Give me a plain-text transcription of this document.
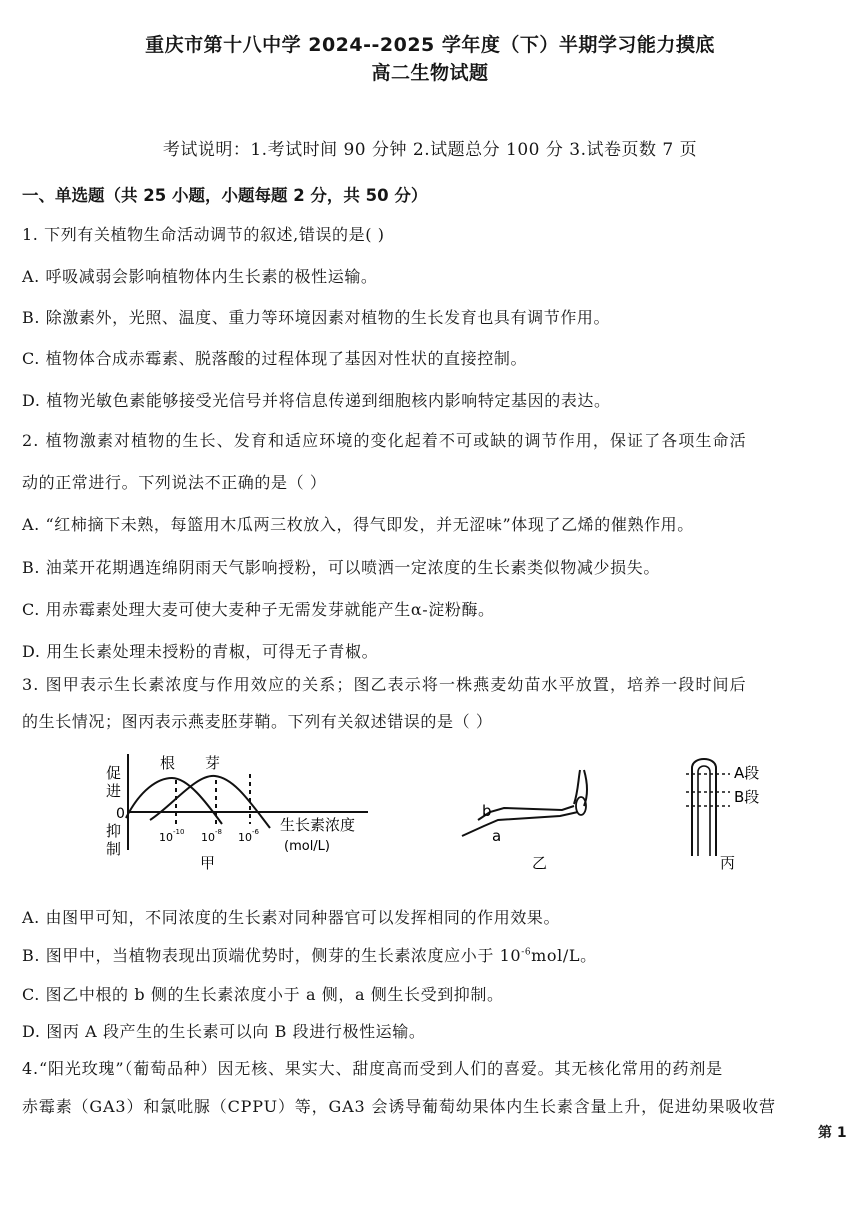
重庆市第十八中学 2024--2025 学年度（下）半期学习能力摸底
高二生物试题
考试说明：1.考试时间 90 分钟 2.试题总分 100 分 3.试卷页数 7 页
一、单选题（共 25 小题，小题每题 2 分，共 50 分）
1. 下列有关植物生命活动调节的叙述,错误的是( )
A. 呼吸减弱会影响植物体内生长素的极性运输。
B. 除激素外，光照、温度、重力等环境因素对植物的生长发育也具有调节作用。
C. 植物体合成赤霉素、脱落酸的过程体现了基因对性状的直接控制。
D. 植物光敏色素能够接受光信号并将信息传递到细胞核内影响特定基因的表达。
2. 植物激素对植物的生长、发育和适应环境的变化起着不可或缺的调节作用，保证了各项生命活
动的正常进行。下列说法不正确的是（ ）
A. “红柿摘下未熟，每篮用木瓜两三枚放入，得气即发，并无涩味”体现了乙烯的催熟作用。
B. 油菜开花期遇连绵阴雨天气影响授粉，可以喷洒一定浓度的生长素类似物减少损失。
C. 用赤霉素处理大麦可使大麦种子无需发芽就能产生α-淀粉酶。
D. 用生长素处理未授粉的青椒，可得无子青椒。
3. 图甲表示生长素浓度与作用效应的关系；图乙表示将一株燕麦幼苗水平放置，培养一段时间后
的生长情况；图丙表示燕麦胚芽鞘。下列有关叙述错误的是（ ）
促
进
0
抑
制
根 芽
10 -10 10 -8 10 -6 生长素浓度
(mol/L)
甲
b
a
乙
A段
B段
丙
A. 由图甲可知，不同浓度的生长素对同种器官可以发挥相同的作用效果。
B. 图甲中，当植物表现出顶端优势时，侧芽的生长素浓度应小于 $10^{-6}mol/L$。
C. 图乙中根的 b 侧的生长素浓度小于 a 侧，a 侧生长受到抑制。
D. 图丙 A 段产生的生长素可以向 B 段进行极性运输。
4.“阳光玫瑰”（葡萄品种）因无核、果实大、甜度高而受到人们的喜爱。其无核化常用的药剂是
赤霉素（GA3）和氯吡脲（CPPU）等，GA3 会诱导葡萄幼果体内生长素含量上升，促进幼果吸收营
第 1
